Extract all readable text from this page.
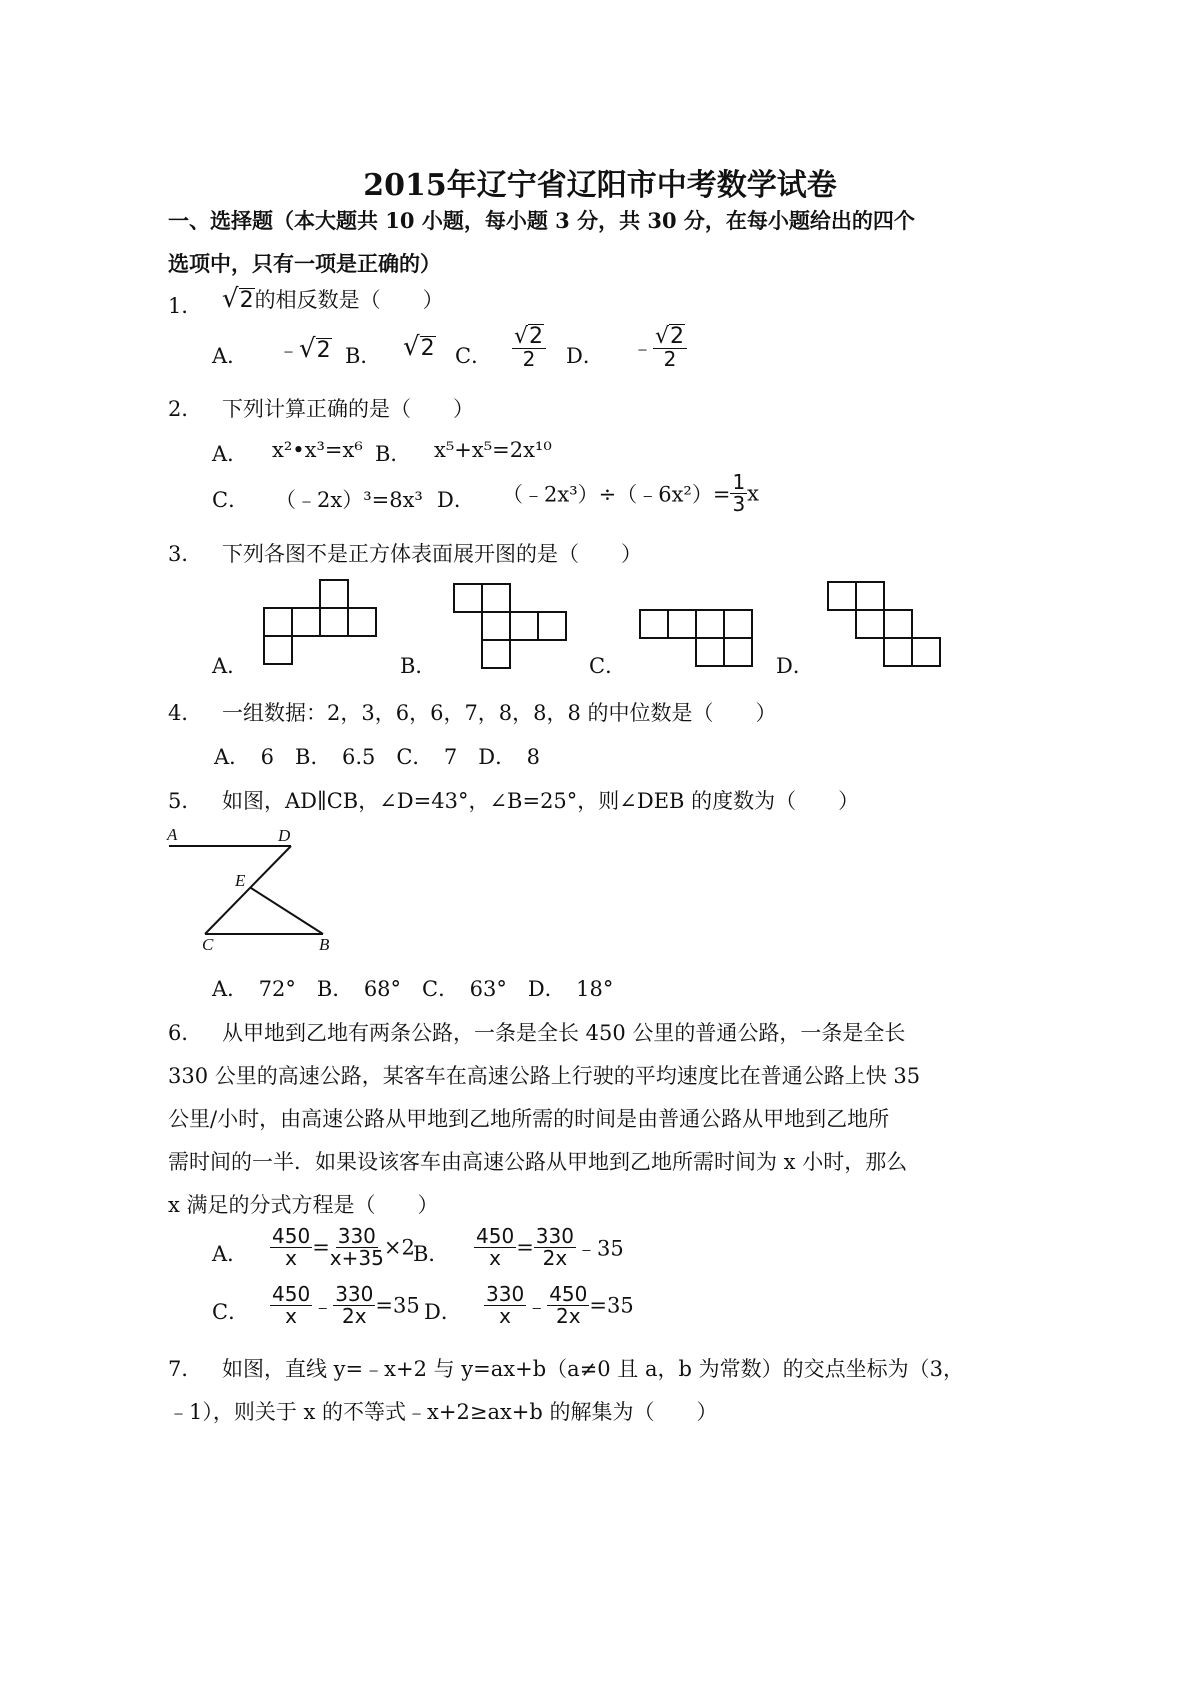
2015年辽宁省辽阳市中考数学试卷
一、选择题（本大题共 10 小题，每小题 3 分，共 30 分，在每小题给出的四个
选项中，只有一项是正确的）
1． √ 2 的相反数是（　　）
A． ﹣ √ 2 B． √ 2 C． $\frac{√ 2}{2}$ D． ﹣ $\frac{√ 2}{2}$
2． 下列计算正确的是（　　）
A． x²•x³=x⁶ B． x⁵+x⁵=2x¹⁰
C． （﹣2x）³=8x³ D． （﹣2x³）÷（﹣6x²）= $\frac{1}{3}$ x
3． 下列各图不是正方体表面展开图的是（　　）
A．	B．	C．	D．
4． 一组数据：2，3，6，6，7，8，8，8 的中位数是（　　）
A．　6　B．　6.5　C．　7　D．　8
5． 如图，AD∥CB，∠D=43°，∠B=25°，则∠DEB 的度数为（　　）
A	D
E
C	B
A．　72°　B．　68°　C．　63°　D．　18°
6． 从甲地到乙地有两条公路，一条是全长 450 公里的普通公路，一条是全长
330 公里的高速公路，某客车在高速公路上行驶的平均速度比在普通公路上快 35
公里/小时，由高速公路从甲地到乙地所需的时间是由普通公路从甲地到乙地所
需时间的一半．如果设该客车由高速公路从甲地到乙地所需时间为 x 小时，那么
x 满足的分式方程是（　　）
A． $\frac{450}{x} = \frac{330}{x+35} \times 2$
B． $\frac{450}{x} = \frac{330}{2x}$ ﹣35
C． $\frac{450}{x}$ ﹣ $\frac{330}{2x} =35$ D． $\frac{330}{x}$ ﹣ $\frac{450}{2x} =35$
7． 如图，直线 y=﹣x+2 与 y=ax+b（a≠0 且 a，b 为常数）的交点坐标为（3，
﹣1），则关于 x 的不等式﹣x+2≥ax+b 的解集为（　　）
